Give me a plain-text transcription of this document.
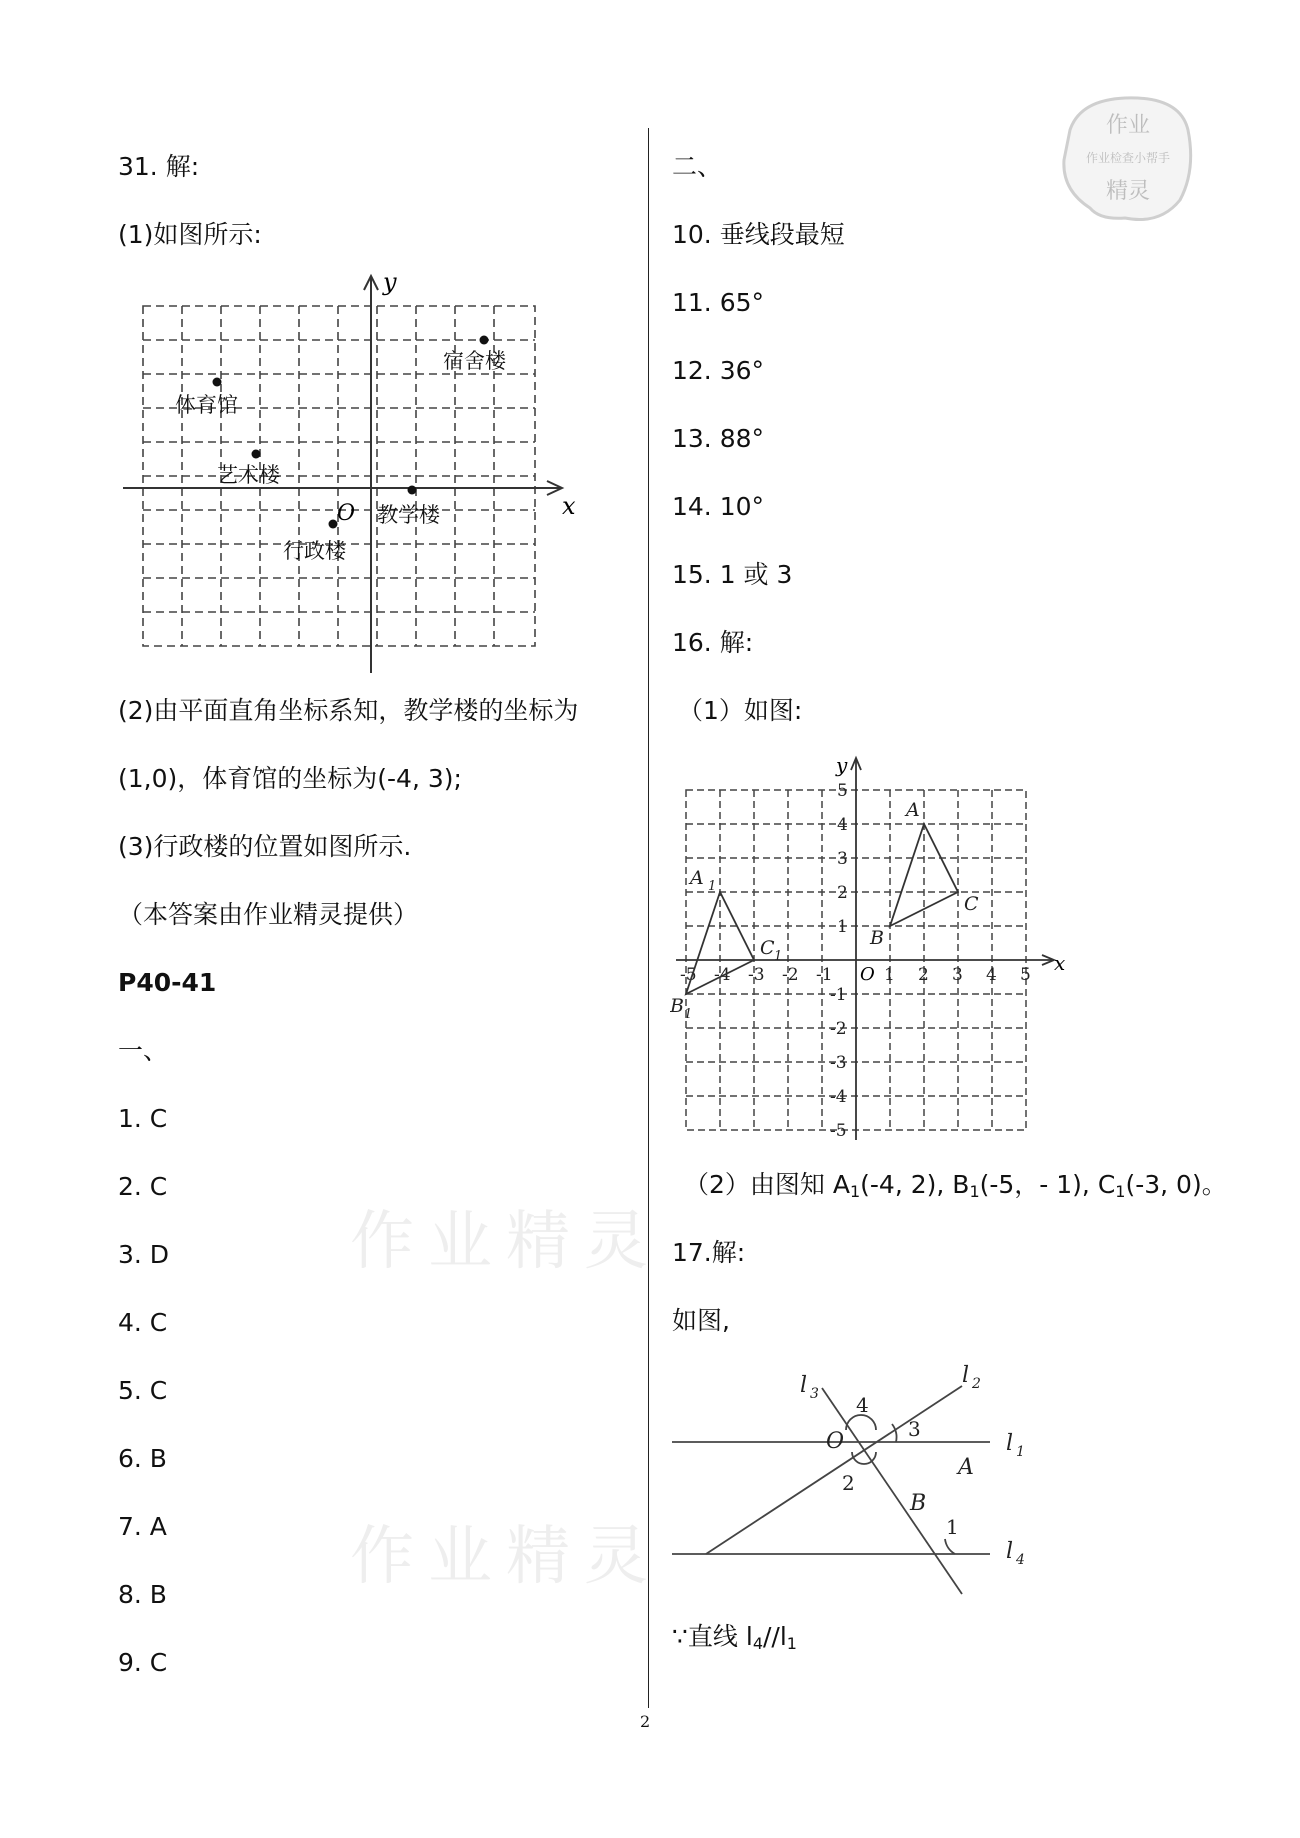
2
作业
作业检查小帮手
精灵
作业精灵
作业精灵
31. 解:
(1)如图所示:
x
y
O
宿舍楼
体育馆
艺术楼
教学楼
行政楼
(2)由平面直角坐标系知，教学楼的坐标为
(1,0)，体育馆的坐标为(-4, 3);
(3)行政楼的位置如图所示.
（本答案由作业精灵提供）
P40-41
一、
1. C
2. C
3. D
4. C
5. C
6. B
7. A
8. B
9. C
二、
10. 垂线段最短
11. 65°
12. 36°
13. 88°
14. 10°
15. 1 或 3
16. 解:
（1）如图:
x
y
O
-5 -4 -3 -2 -1	1 2 3 4 5
5
4
3
2
1
-1
-2
-3
-4
-5
A
B
C
A 1
B 1
C 1
（2）由图知 $A_1(-4$, 2), $B_1(-5$，- 1), $C_1(-3$, 0)。
17.解:
如图,
l 3
l 2
l 1
l 4
O
A
B
4
3
2
1
∵直线 $l_4//l_1$
